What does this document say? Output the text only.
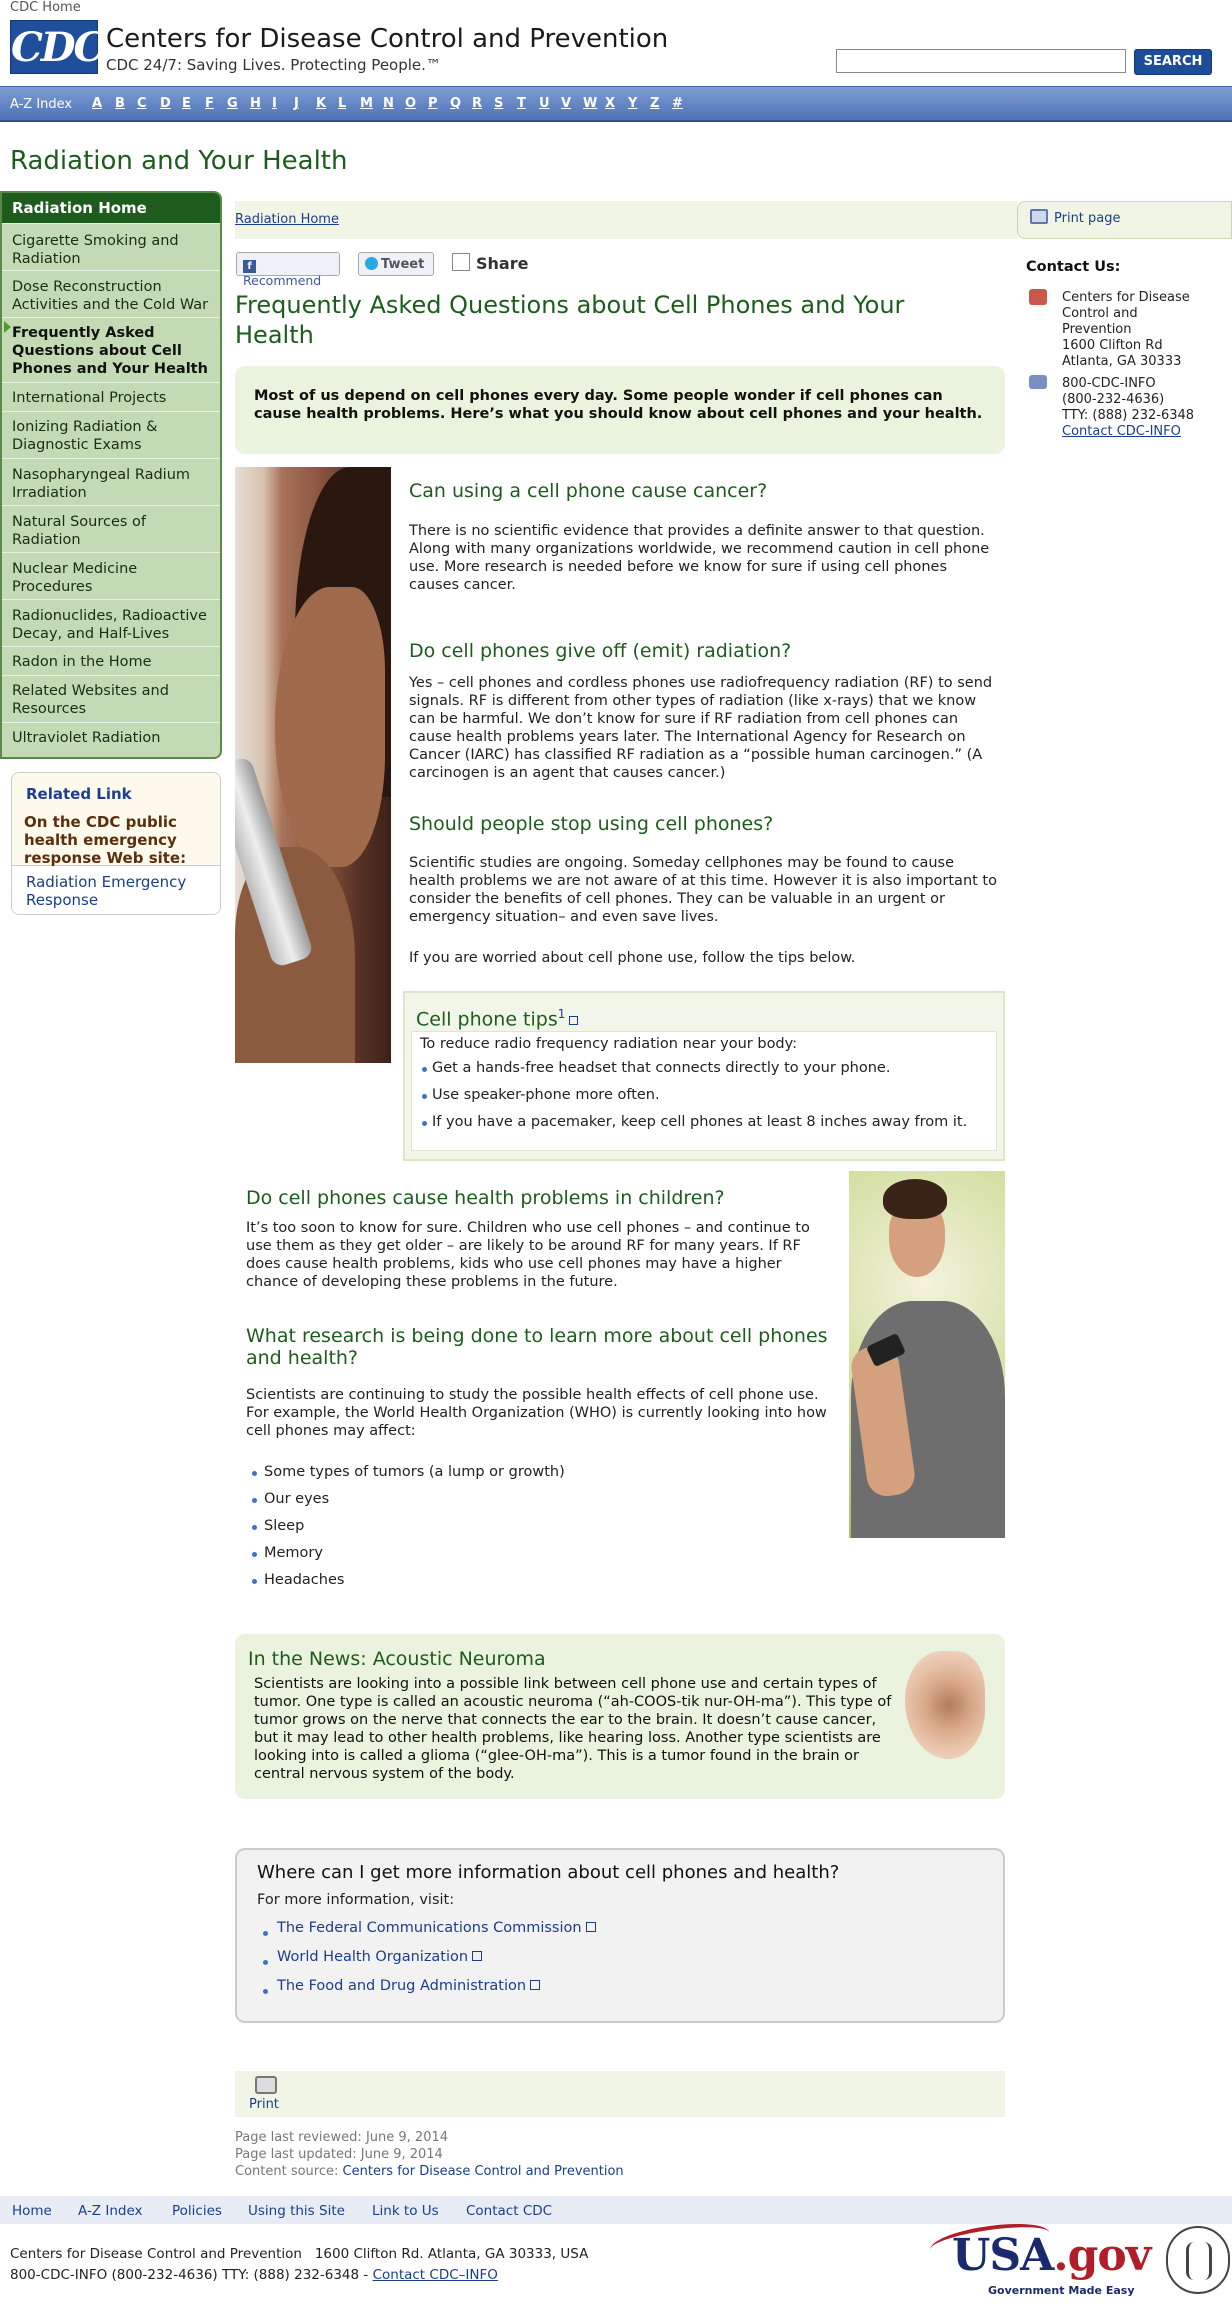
CDC Home
CDC Centers for Disease Control and Prevention
CDC 24/7: Saving Lives. Protecting People.™	SEARCH
A-Z Index A B C D E F G H I J K L M N O P Q R S T U V W X Y Z #
Radiation and Your Health
Radiation Home
Cigarette Smoking and Radiation
Dose Reconstruction Activities and the Cold War
Frequently Asked Questions about Cell Phones and Your Health
International Projects
Ionizing Radiation & Diagnostic Exams
Nasopharyngeal Radium Irradiation
Natural Sources of Radiation
Nuclear Medicine Procedures
Radionuclides, Radioactive Decay, and Half-Lives
Radon in the Home
Related Websites and Resources
Ultraviolet Radiation
Related Link
On the CDC public health emergency response Web site:
Radiation Emergency Response
Radiation Home
fRecommend
Tweet	Share
Print page
Contact Us:
Centers for Disease
Control and
Prevention
1600 Clifton Rd
Atlanta, GA 30333
800-CDC-INFO
(800-232-4636)
TTY: (888) 232-6348
Contact CDC-INFO
Frequently Asked Questions about Cell Phones and Your Health

Most of us depend on cell phones every day. Some people wonder if cell phones can cause health problems. Here’s what you should know about cell phones and your health.

Can using a cell phone cause cancer?
There is no scientific evidence that provides a definite answer to that question. Along with many organizations worldwide, we recommend caution in cell phone use. More research is needed before we know for sure if using cell phones causes cancer.
Do cell phones give off (emit) radiation?
Yes – cell phones and cordless phones use radiofrequency radiation (RF) to send signals. RF is different from other types of radiation (like x-rays) that we know can be harmful. We don’t know for sure if RF radiation from cell phones can cause health problems years later. The International Agency for Research on Cancer (IARC) has classified RF radiation as a “possible human carcinogen.” (A carcinogen is an agent that causes cancer.)
Should people stop using cell phones?
Scientific studies are ongoing. Someday cellphones may be found to cause health problems we are not aware of at this time. However it is also important to consider the benefits of cell phones. They can be valuable in an urgent or emergency situation– and even save lives.
If you are worried about cell phone use, follow the tips below.
Cell phone tips$^1$
To reduce radio frequency radiation near your body:
Get a hands-free headset that connects directly to your phone.
Use speaker-phone more often.
If you have a pacemaker, keep cell phones at least 8 inches away from it.
Do cell phones cause health problems in children?
It’s too soon to know for sure. Children who use cell phones – and continue to use them as they get older – are likely to be around RF for many years. If RF does cause health problems, kids who use cell phones may have a higher chance of developing these problems in the future.
What research is being done to learn more about cell phones and health?
Scientists are continuing to study the possible health effects of cell phone use. For example, the World Health Organization (WHO) is currently looking into how cell phones may affect:
Some types of tumors (a lump or growth)
Our eyes
Sleep
Memory
Headaches
In the News: Acoustic Neuroma
Scientists are looking into a possible link between cell phone use and certain types of tumor. One type is called an acoustic neuroma (“ah-COOS-tik nur-OH-ma”). This type of tumor grows on the nerve that connects the ear to the brain. It doesn’t cause cancer, but it may lead to other health problems, like hearing loss. Another type scientists are looking into is called a glioma (“glee-OH-ma”). This is a tumor found in the brain or central nervous system of the body.
Where can I get more information about cell phones and health?
For more information, visit:
The Federal Communications Commission
World Health Organization
The Food and Drug Administration
Print
Page last reviewed: June 9, 2014
Page last updated: June 9, 2014
Content source: Centers for Disease Control and Prevention
Home A-Z Index Policies Using this Site Link to Us Contact CDC
Centers for Disease Control and Prevention   1600 Clifton Rd. Atlanta, GA 30333, USA
800-CDC-INFO (800-232-4636) TTY: (888) 232-6348 - Contact CDC–INFO	USA.gov
Government Made Easy
